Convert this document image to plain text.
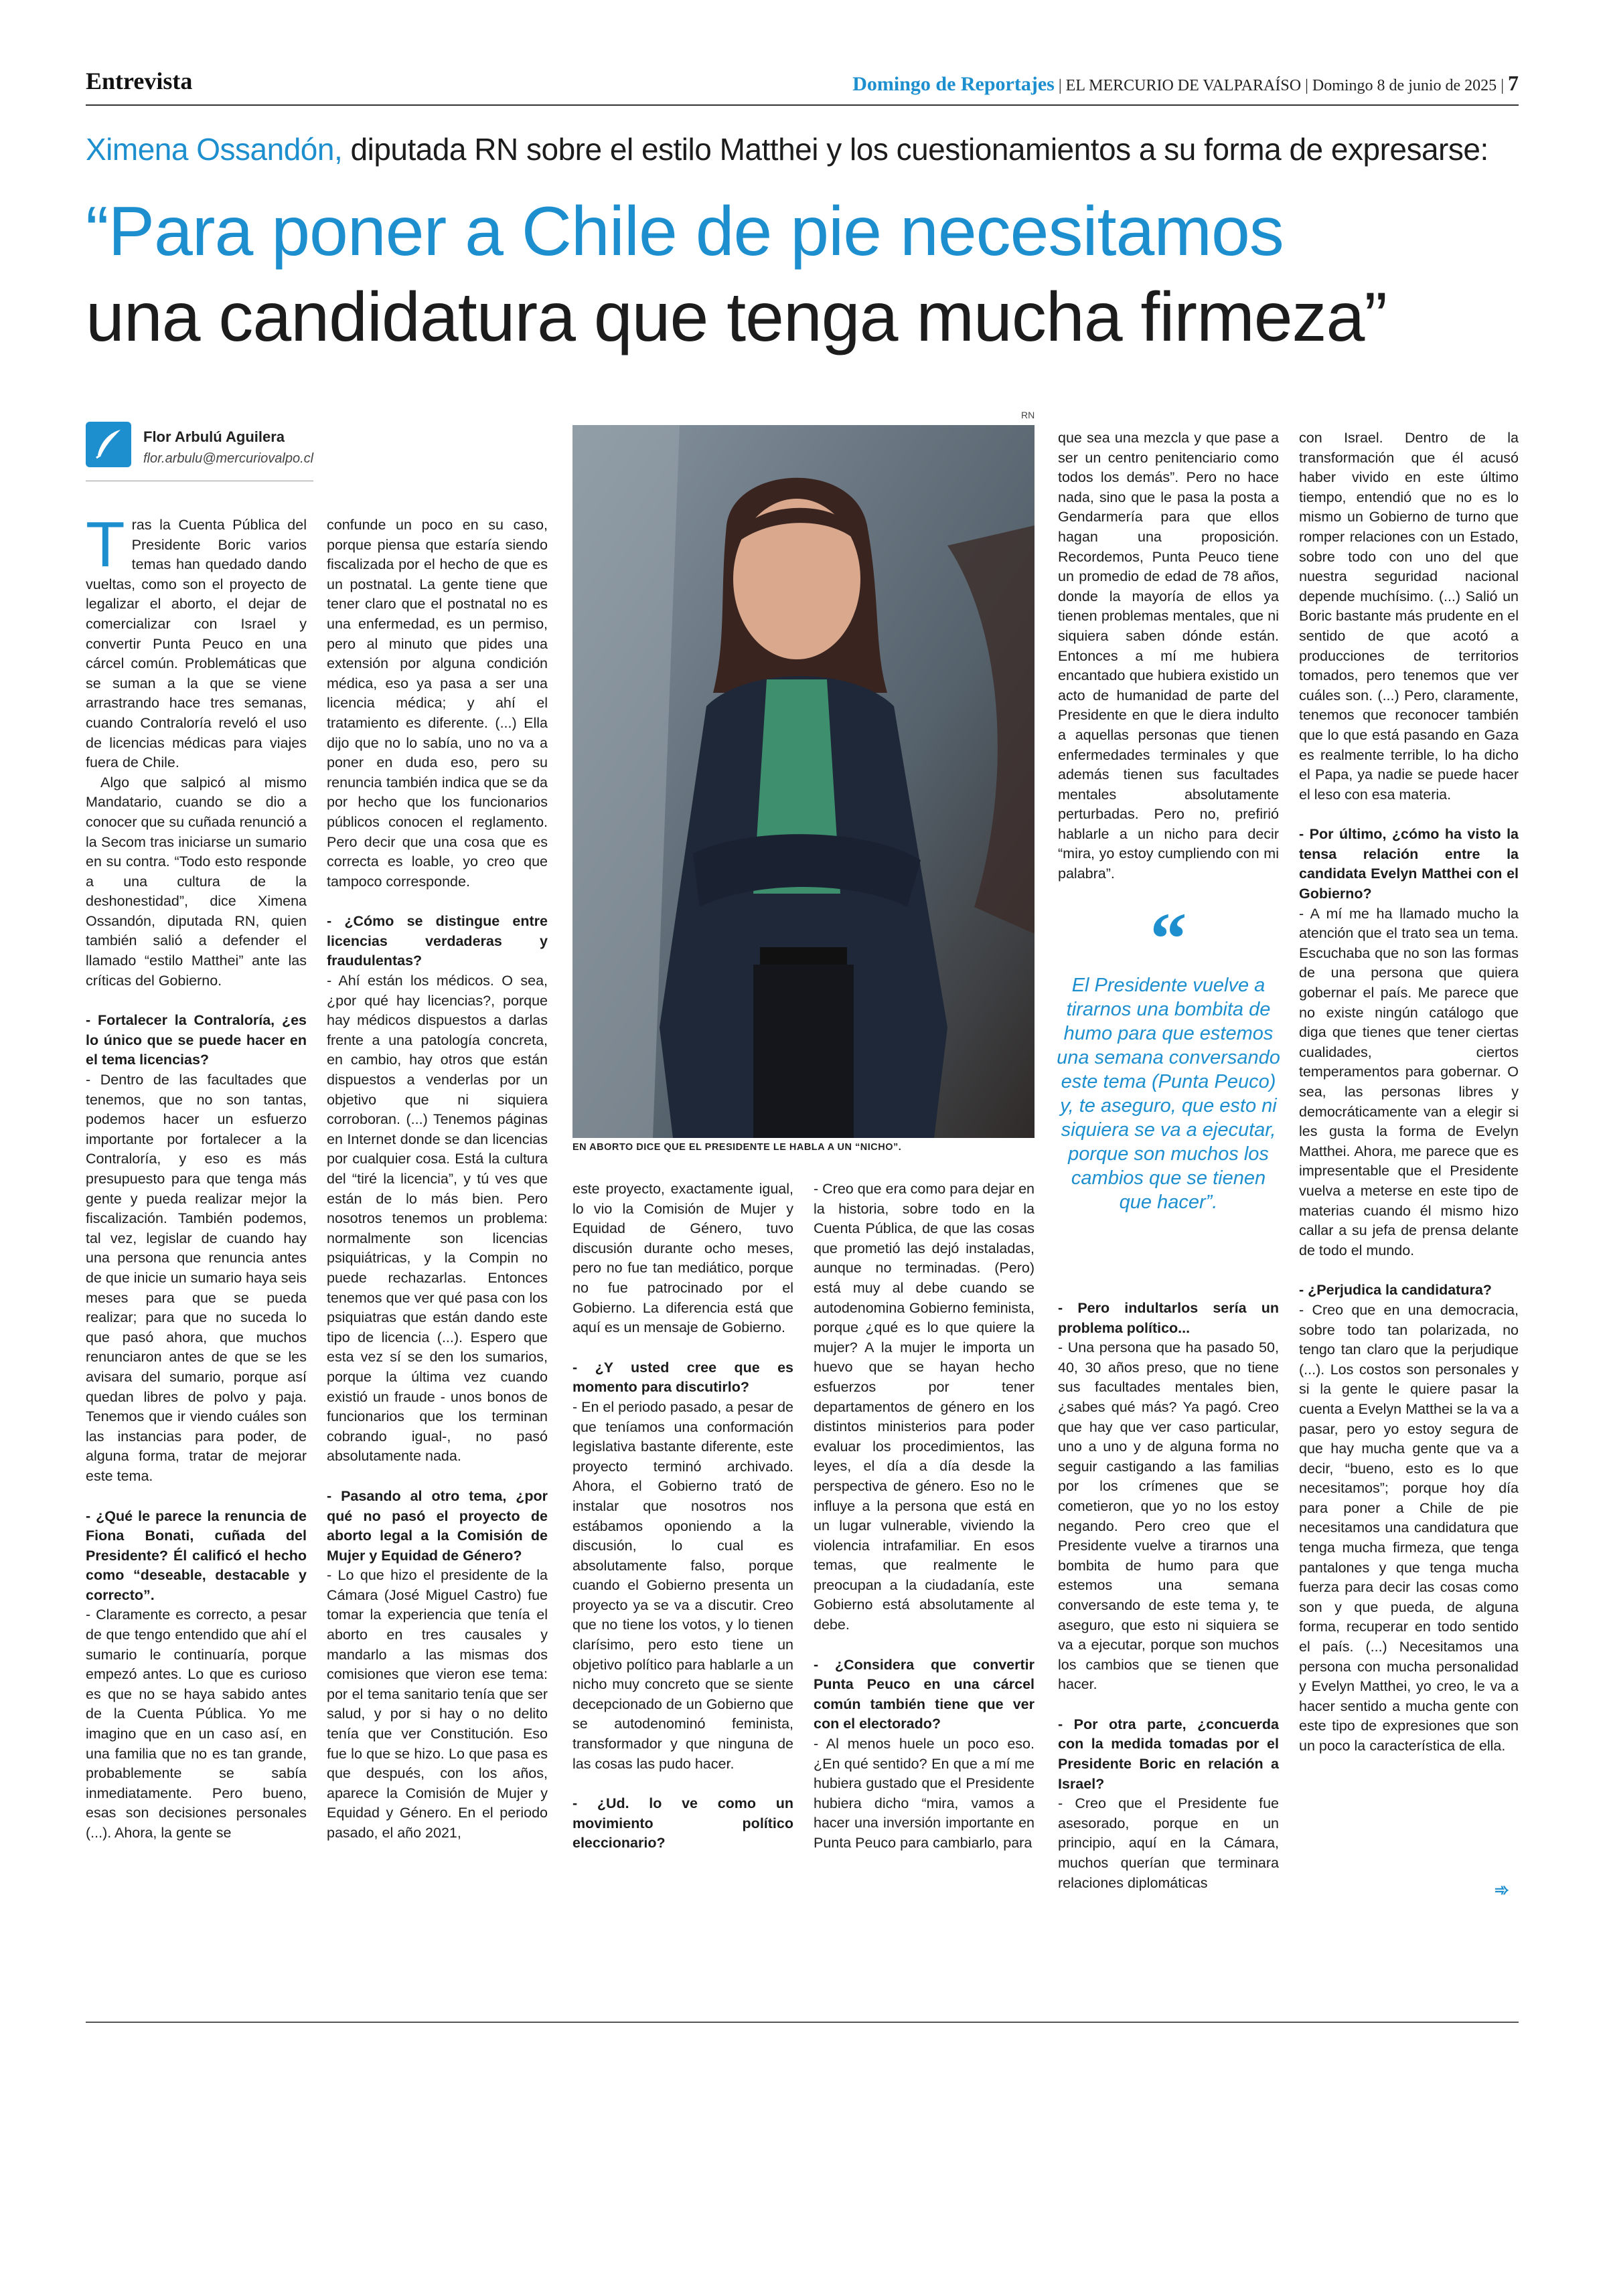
Entrevista	Domingo de Reportajes | EL MERCURIO DE VALPARAÍSO | Domingo 8 de junio de 2025 | 7
Ximena Ossandón, diputada RN sobre el estilo Matthei y los cuestionamientos a su forma de expresarse:
“Para poner a Chile de pie necesitamos
una candidatura que tenga mucha firmeza”
Flor Arbulú Aguilera
flor.arbulu@mercuriovalpo.cl

Tras la Cuenta Pública del Presidente Boric varios temas han quedado dando vueltas, como son el proyecto de legalizar el aborto, el dejar de comercializar con Israel y convertir Punta Peuco en una cárcel común. Problemáticas que se suman a la que se viene arrastrando hace tres semanas, cuando Contraloría reveló el uso de licencias médicas para viajes fuera de Chile.

Algo que salpicó al mismo Mandatario, cuando se dio a conocer que su cuñada renunció a la Secom tras iniciarse un sumario en su contra. “Todo esto responde a una cultura de la deshonestidad”, dice Ximena Ossandón, diputada RN, quien también salió a defender el llamado “estilo Matthei” ante las críticas del Gobierno.

- Fortalecer la Contraloría, ¿es lo único que se puede hacer en el tema licencias?

- Dentro de las facultades que tenemos, que no son tantas, podemos hacer un esfuerzo importante por fortalecer a la Contraloría, y eso es más presupuesto para que tenga más gente y pueda realizar mejor la fiscalización. También podemos, tal vez, legislar de cuando hay una persona que renuncia antes de que inicie un sumario haya seis meses para que se pueda realizar; para que no suceda lo que pasó ahora, que muchos renunciaron antes de que se les avisara del sumario, porque así quedan libres de polvo y paja. Tenemos que ir viendo cuáles son las instancias para poder, de alguna forma, tratar de mejorar este tema.

- ¿Qué le parece la renuncia de Fiona Bonati, cuñada del Presidente? Él calificó el hecho como “deseable, destacable y correcto”.

- Claramente es correcto, a pesar de que tengo entendido que ahí el sumario le continuaría, porque empezó antes. Lo que es curioso es que no se haya sabido antes de la Cuenta Pública. Yo me imagino que en un caso así, en una familia que no es tan grande, probablemente se sabía inmediatamente. Pero bueno, esas son decisiones personales (...). Ahora, la gente se

confunde un poco en su caso, porque piensa que estaría siendo fiscalizada por el hecho de que es un postnatal. La gente tiene que tener claro que el postnatal no es una enfermedad, es un permiso, pero al minuto que pides una extensión por alguna condición médica, eso ya pasa a ser una licencia médica; y ahí el tratamiento es diferente. (...) Ella dijo que no lo sabía, uno no va a poner en duda eso, pero su renuncia también indica que se da por hecho que los funcionarios públicos conocen el reglamento. Pero decir que una cosa que es correcta es loable, yo creo que tampoco corresponde.

- ¿Cómo se distingue entre licencias verdaderas y fraudulentas?

- Ahí están los médicos. O sea, ¿por qué hay licencias?, porque hay médicos dispuestos a darlas frente a una patología concreta, en cambio, hay otros que están dispuestos a venderlas por un objetivo que ni siquiera corroboran. (...) Tenemos páginas en Internet donde se dan licencias por cualquier cosa. Está la cultura del “tiré la licencia”, y tú ves que están de lo más bien. Pero nosotros tenemos un problema: normalmente son licencias psiquiátricas, y la Compin no puede rechazarlas. Entonces tenemos que ver qué pasa con los psiquiatras que están dando este tipo de licencia (...). Espero que esta vez sí se den los sumarios, porque la última vez cuando existió un fraude - unos bonos de funcionarios que los terminan cobrando igual-, no pasó absolutamente nada.

- Pasando al otro tema, ¿por qué no pasó el proyecto de aborto legal a la Comisión de Mujer y Equidad de Género?

- Lo que hizo el presidente de la Cámara (José Miguel Castro) fue tomar la experiencia que tenía el aborto en tres causales y mandarlo a las mismas dos comisiones que vieron ese tema: por el tema sanitario tenía que ser salud, y por si hay o no delito tenía que ver Constitución. Eso fue lo que se hizo. Lo que pasa es que después, con los años, aparece la Comisión de Mujer y Equidad y Género. En el periodo pasado, el año 2021,

RN
EN ABORTO DICE QUE EL PRESIDENTE LE HABLA A UN “NICHO”.

este proyecto, exactamente igual, lo vio la Comisión de Mujer y Equidad de Género, tuvo discusión durante ocho meses, pero no fue tan mediático, porque no fue patrocinado por el Gobierno. La diferencia está que aquí es un mensaje de Gobierno.

- ¿Y usted cree que es momento para discutirlo?

- En el periodo pasado, a pesar de que teníamos una conformación legislativa bastante diferente, este proyecto terminó archivado. Ahora, el Gobierno trató de instalar que nosotros nos estábamos oponiendo a la discusión, lo cual es absolutamente falso, porque cuando el Gobierno presenta un proyecto ya se va a discutir. Creo que no tiene los votos, y lo tienen clarísimo, pero esto tiene un objetivo político para hablarle a un nicho muy concreto que se siente decepcionado de un Gobierno que se autodenominó feminista, transformador y que ninguna de las cosas las pudo hacer.

- ¿Ud. lo ve como un movimiento político eleccionario?

- Creo que era como para dejar en la historia, sobre todo en la Cuenta Pública, de que las cosas que prometió las dejó instaladas, aunque no terminadas. (Pero) está muy al debe cuando se autodenomina Gobierno feminista, porque ¿qué es lo que quiere la mujer? A la mujer le importa un huevo que se hayan hecho esfuerzos por tener departamentos de género en los distintos ministerios para poder evaluar los procedimientos, las leyes, el día a día desde la perspectiva de género. Eso no le influye a la persona que está en un lugar vulnerable, viviendo la violencia intrafamiliar. En esos temas, que realmente le preocupan a la ciudadanía, este Gobierno está absolutamente al debe.

- ¿Considera que convertir Punta Peuco en una cárcel común también tiene que ver con el electorado?

- Al menos huele un poco eso. ¿En qué sentido? En que a mí me hubiera gustado que el Presidente hubiera dicho “mira, vamos a hacer una inversión importante en Punta Peuco para cambiarlo, para

que sea una mezcla y que pase a ser un centro penitenciario como todos los demás”. Pero no hace nada, sino que le pasa la posta a Gendarmería para que ellos hagan una proposición. Recordemos, Punta Peuco tiene un promedio de edad de 78 años, donde la mayoría de ellos ya tienen problemas mentales, que ni siquiera saben dónde están. Entonces a mí me hubiera encantado que hubiera existido un acto de humanidad de parte del Presidente en que le diera indulto a aquellas personas que tienen enfermedades terminales y que además tienen sus facultades mentales absolutamente perturbadas. Pero no, prefirió hablarle a un nicho para decir “mira, yo estoy cumpliendo con mi palabra”.

“
El Presidente vuelve a tirarnos una bombita de humo para que estemos una semana conversando este tema (Punta Peuco) y, te aseguro, que esto ni siquiera se va a ejecutar, porque son muchos los cambios que se tienen que hacer”.

- Pero indultarlos sería un problema político...

- Una persona que ha pasado 50, 40, 30 años preso, que no tiene sus facultades mentales bien, ¿sabes qué más? Ya pagó. Creo que hay que ver caso particular, uno a uno y de alguna forma no seguir castigando a las familias por los crímenes que se cometieron, que yo no los estoy negando. Pero creo que el Presidente vuelve a tirarnos una bombita de humo para que estemos una semana conversando de este tema y, te aseguro, que esto ni siquiera se va a ejecutar, porque son muchos los cambios que se tienen que hacer.

- Por otra parte, ¿concuerda con la medida tomadas por el Presidente Boric en relación a Israel?

- Creo que el Presidente fue asesorado, porque en un principio, aquí en la Cámara, muchos querían que terminara relaciones diplomáticas

con Israel. Dentro de la transformación que él acusó haber vivido en este último tiempo, entendió que no es lo mismo un Gobierno de turno que romper relaciones con un Estado, sobre todo con uno del que nuestra seguridad nacional depende muchísimo. (...) Salió un Boric bastante más prudente en el sentido de que acotó a producciones de territorios tomados, pero tenemos que ver cuáles son. (...) Pero, claramente, tenemos que reconocer también que lo que está pasando en Gaza es realmente terrible, lo ha dicho el Papa, ya nadie se puede hacer el leso con esa materia.

- Por último, ¿cómo ha visto la tensa relación entre la candidata Evelyn Matthei con el Gobierno?

- A mí me ha llamado mucho la atención que el trato sea un tema. Escuchaba que no son las formas de una persona que quiera gobernar el país. Me parece que no existe ningún catálogo que diga que tienes que tener ciertas cualidades, ciertos temperamentos para gobernar. O sea, las personas libres y democráticamente van a elegir si les gusta la forma de Evelyn Matthei. Ahora, me parece que es impresentable que el Presidente vuelva a meterse en este tipo de materias cuando él mismo hizo callar a su jefa de prensa delante de todo el mundo.

- ¿Perjudica la candidatura?

- Creo que en una democracia, sobre todo tan polarizada, no tengo tan claro que la perjudique (...). Los costos son personales y si la gente le quiere pasar la cuenta a Evelyn Matthei se la va a pasar, pero yo estoy segura de que hay mucha gente que va a decir, “bueno, esto es lo que necesitamos”; porque hoy día para poner a Chile de pie necesitamos una candidatura que tenga mucha firmeza, que tenga pantalones y que tenga mucha fuerza para decir las cosas como son y que pueda, de alguna forma, recuperar en todo sentido el país. (...) Necesitamos una persona con mucha personalidad y Evelyn Matthei, yo creo, le va a hacer sentido a mucha gente con este tipo de expresiones que son un poco la característica de ella.

➾
